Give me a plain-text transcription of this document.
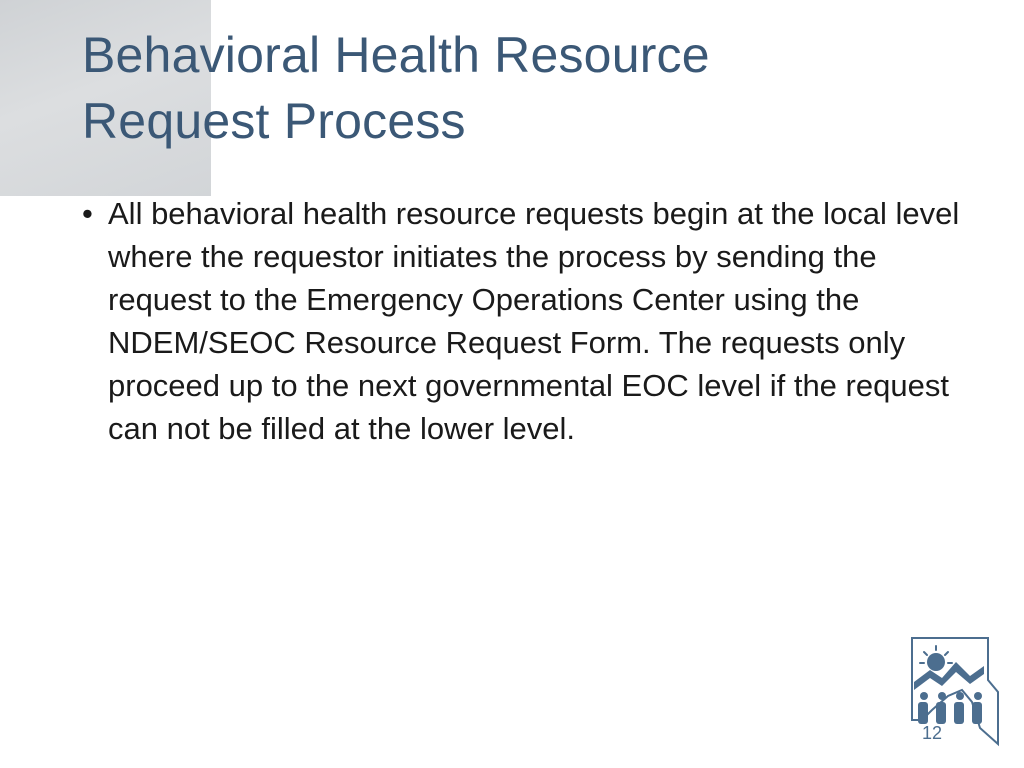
Behavioral Health Resource
Request Process
• All behavioral health resource requests begin at the local level where the requestor initiates the process by sending the request to the Emergency Operations Center using the NDEM/SEOC Resource Request Form. The requests only proceed up to the next governmental EOC level if the request can not be filled at the lower level.
12
